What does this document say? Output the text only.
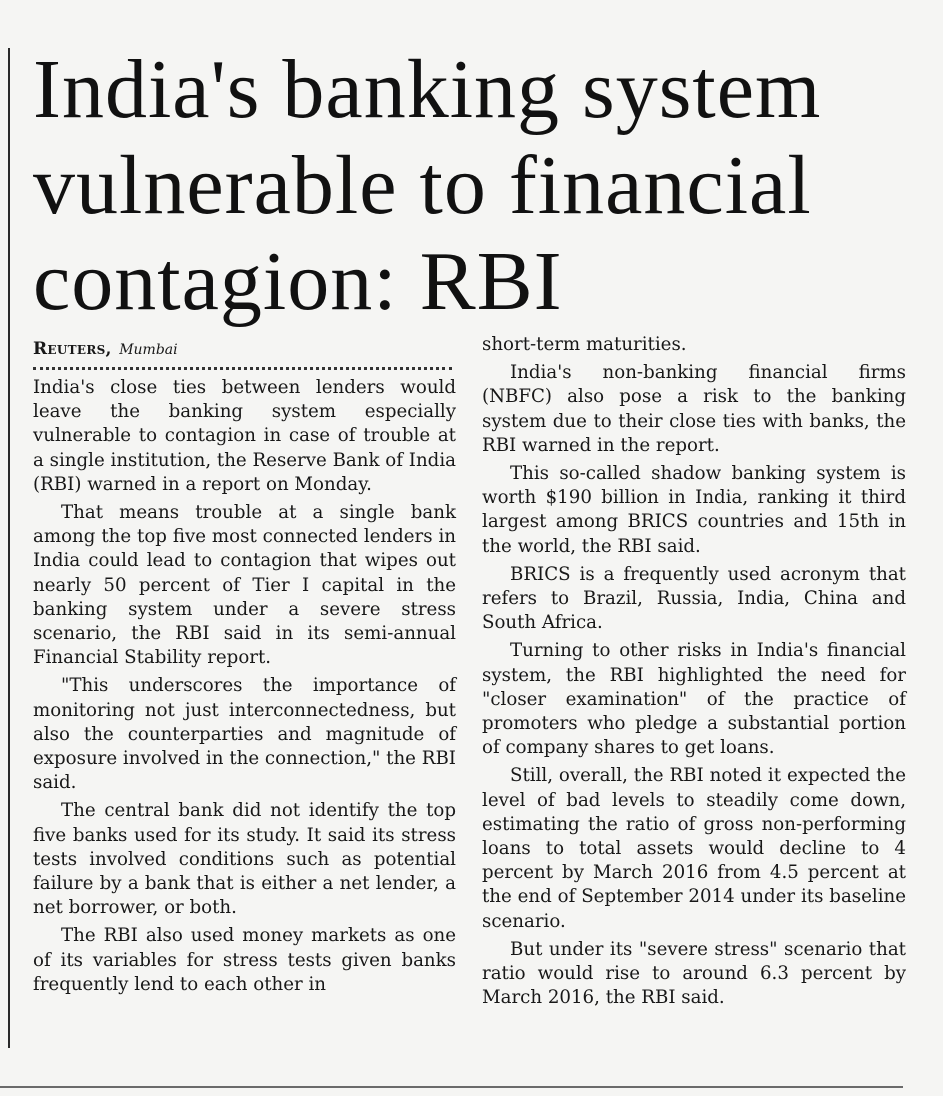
India's banking system vulnerable to financial contagion: RBI
Reuters, Mumbai

India's close ties between lenders would leave the banking system especially vulnerable to contagion in case of trouble at a single institution, the Reserve Bank of India (RBI) warned in a report on Monday.

That means trouble at a single bank among the top five most connected lenders in India could lead to contagion that wipes out nearly 50 percent of Tier I capital in the banking system under a severe stress scenario, the RBI said in its semi-annual Financial Stability report.

"This underscores the importance of monitoring not just interconnectedness, but also the counterparties and magnitude of exposure involved in the connection," the RBI said.

The central bank did not identify the top five banks used for its study. It said its stress tests involved conditions such as potential failure by a bank that is either a net lender, a net borrower, or both.

The RBI also used money markets as one of its variables for stress tests given banks frequently lend to each other in

short-term maturities.

India's non-banking financial firms (NBFC) also pose a risk to the banking system due to their close ties with banks, the RBI warned in the report.

This so-called shadow banking system is worth $190 billion in India, ranking it third largest among BRICS countries and 15th in the world, the RBI said.

BRICS is a frequently used acronym that refers to Brazil, Russia, India, China and South Africa.

Turning to other risks in India's financial system, the RBI highlighted the need for "closer examination" of the practice of promoters who pledge a substantial portion of company shares to get loans.

Still, overall, the RBI noted it expected the level of bad levels to steadily come down, estimating the ratio of gross non-performing loans to total assets would decline to 4 percent by March 2016 from 4.5 percent at the end of September 2014 under its baseline scenario.

But under its "severe stress" scenario that ratio would rise to around 6.3 percent by March 2016, the RBI said.
